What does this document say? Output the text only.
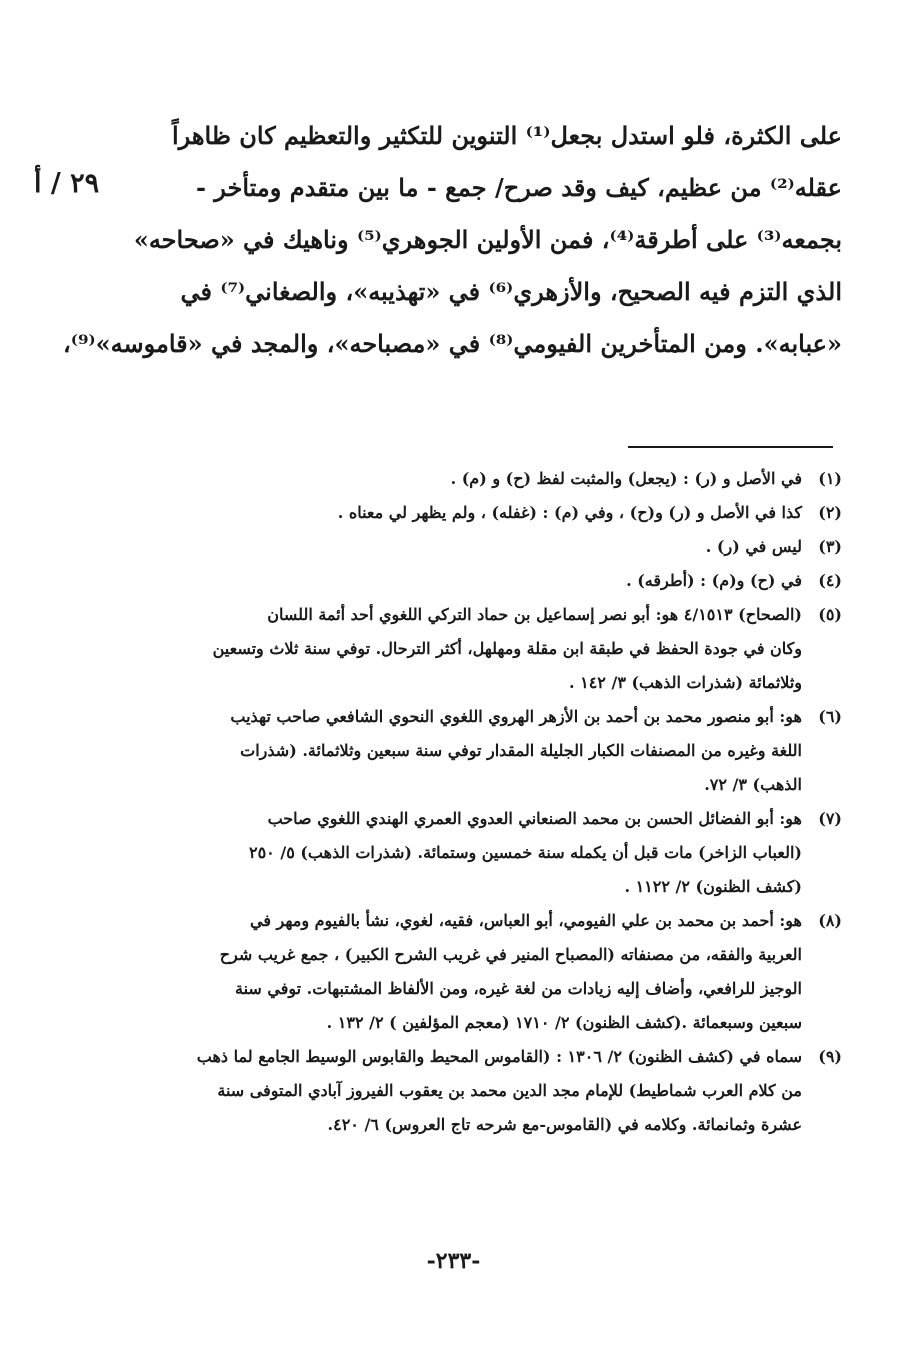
٢٩ / أ
على الكثرة، فلو استدل بجعل⁽¹⁾ التنوين للتكثير والتعظيم كان ظاهراً
عقله⁽²⁾ من عظيم، كيف وقد صرح/ جمع - ما بين متقدم ومتأخر -
بجمعه⁽³⁾ على أطرقة⁽⁴⁾، فمن الأولين الجوهري⁽⁵⁾ وناهيك في «صحاحه»
الذي التزم فيه الصحيح، والأزهري⁽⁶⁾ في «تهذيبه»، والصغاني⁽⁷⁾ في
«عبابه». ومن المتأخرين الفيومي⁽⁸⁾ في «مصباحه»، والمجد في «قاموسه»⁽⁹⁾،
(١)
في الأصل و (ر) : (يجعل) والمثبت لفظ (ح) و (م) .
(٢)
كذا في الأصل و (ر) و(ح) ، وفي (م) : (غفله) ، ولم يظهر لي معناه .
(٣)
ليس في (ر) .
(٤)
في (ح) و(م) : (أطرقه) .
(٥)
(الصحاح) ٤/١٥١٣ هو: أبو نصر إسماعيل بن حماد التركي اللغوي أحد أئمة اللسان
وكان في جودة الحفظ في طبقة ابن مقلة ومهلهل، أكثر الترحال. توفي سنة ثلاث وتسعين
وثلاثمائة (شذرات الذهب) ٣/ ١٤٢ .
(٦)
هو: أبو منصور محمد بن أحمد بن الأزهر الهروي اللغوي النحوي الشافعي صاحب تهذيب
اللغة وغيره من المصنفات الكبار الجليلة المقدار توفي سنة سبعين وثلاثمائة. (شذرات
الذهب) ٣/ ٧٢.
(٧)
هو: أبو الفضائل الحسن بن محمد الصنعاني العدوي العمري الهندي اللغوي صاحب
(العباب الزاخر) مات قبل أن يكمله سنة خمسين وستمائة. (شذرات الذهب) ٥/ ٢٥٠
(كشف الظنون) ٢/ ١١٢٢ .
(٨)
هو: أحمد بن محمد بن علي الفيومي، أبو العباس، فقيه، لغوي، نشأ بالفيوم ومهر في
العربية والفقه، من مصنفاته (المصباح المنير في غريب الشرح الكبير) ، جمع غريب شرح
الوجيز للرافعي، وأضاف إليه زيادات من لغة غيره، ومن الألفاظ المشتبهات. توفي سنة
سبعين وسبعمائة .(كشف الظنون) ٢/ ١٧١٠ (معجم المؤلفين ) ٢/ ١٣٢ .
(٩)
سماه في (كشف الظنون) ٢/ ١٣٠٦ : (القاموس المحيط والقابوس الوسيط الجامع لما ذهب
من كلام العرب شماطيط) للإمام مجد الدين محمد بن يعقوب الفيروز آبادي المتوفى سنة
عشرة وثمانمائة. وكلامه في (القاموس-مع شرحه تاج العروس) ٦/ ٤٢٠.
-٢٣٣-
